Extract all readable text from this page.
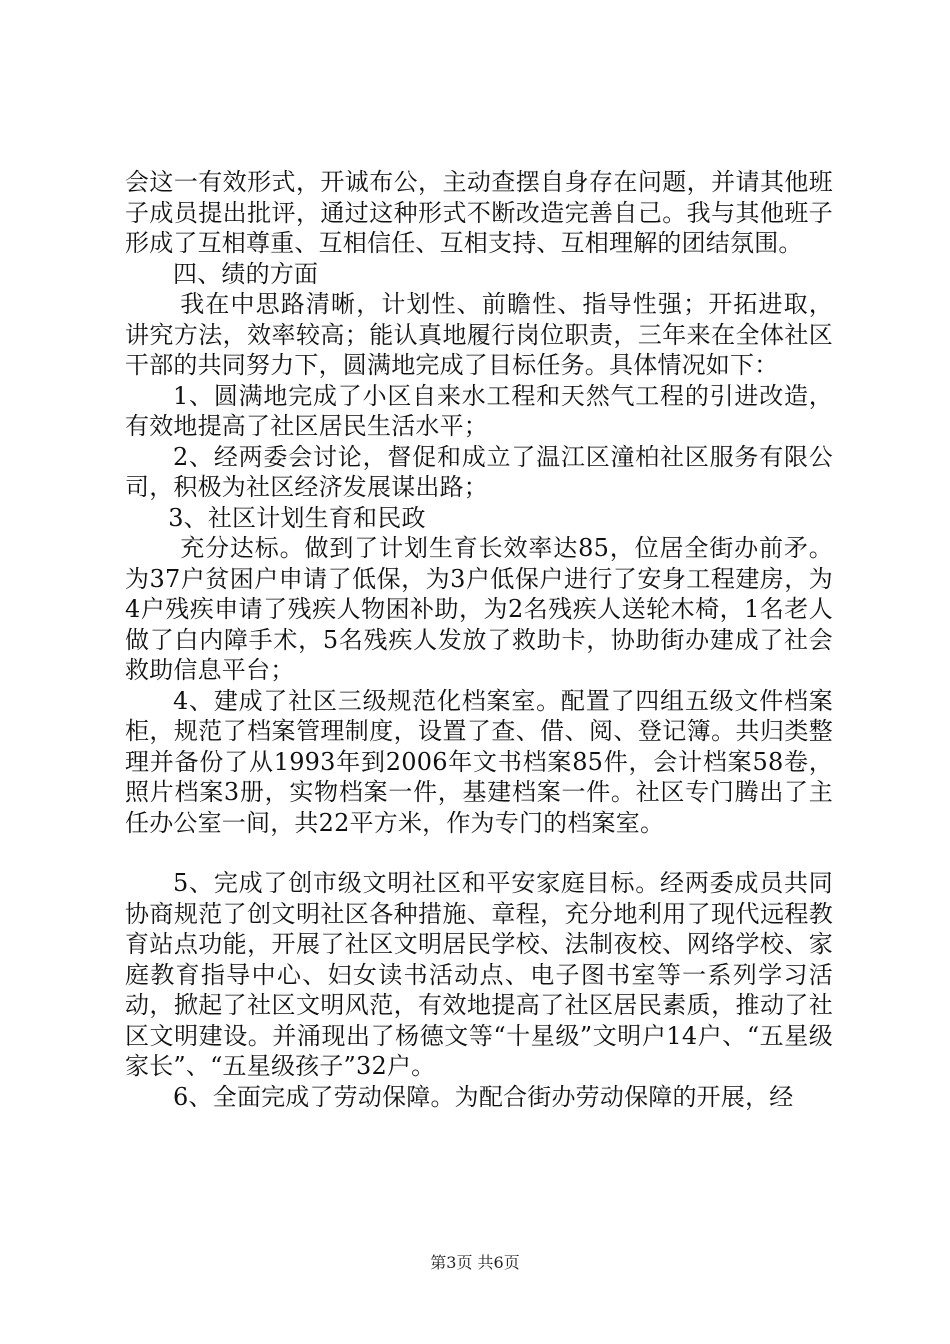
会这一有效形式，开诚布公，主动查摆自身存在问题，并请其他班子成员提出批评，通过这种形式不断改造完善自己。我与其他班子形成了互相尊重、互相信任、互相支持、互相理解的团结氛围。

四、绩的方面

我在中思路清晰，计划性、前瞻性、指导性强；开拓进取，讲究方法，效率较高；能认真地履行岗位职责，三年来在全体社区干部的共同努力下，圆满地完成了目标任务。具体情况如下：

1、圆满地完成了小区自来水工程和天然气工程的引进改造，有效地提高了社区居民生活水平；

2、经两委会讨论，督促和成立了温江区潼柏社区服务有限公司，积极为社区经济发展谋出路；

3、社区计划生育和民政

充分达标。做到了计划生育长效率达85，位居全街办前矛。为37户贫困户申请了低保，为3户低保户进行了安身工程建房，为4户残疾申请了残疾人物困补助，为2名残疾人送轮木椅，1名老人做了白内障手术，5名残疾人发放了救助卡，协助街办建成了社会救助信息平台；

4、建成了社区三级规范化档案室。配置了四组五级文件档案柜，规范了档案管理制度，设置了查、借、阅、登记簿。共归类整理并备份了从1993年到2006年文书档案85件，会计档案58卷，照片档案3册，实物档案一件，基建档案一件。社区专门腾出了主任办公室一间，共22平方米，作为专门的档案室。

5、完成了创市级文明社区和平安家庭目标。经两委成员共同协商规范了创文明社区各种措施、章程，充分地利用了现代远程教育站点功能，开展了社区文明居民学校、法制夜校、网络学校、家庭教育指导中心、妇女读书活动点、电子图书室等一系列学习活动，掀起了社区文明风范，有效地提高了社区居民素质，推动了社区文明建设。并涌现出了杨德文等“十星级”文明户14户、“五星级家长”、“五星级孩子”32户。

6、全面完成了劳动保障。为配合街办劳动保障的开展，经

第3页 共6页
